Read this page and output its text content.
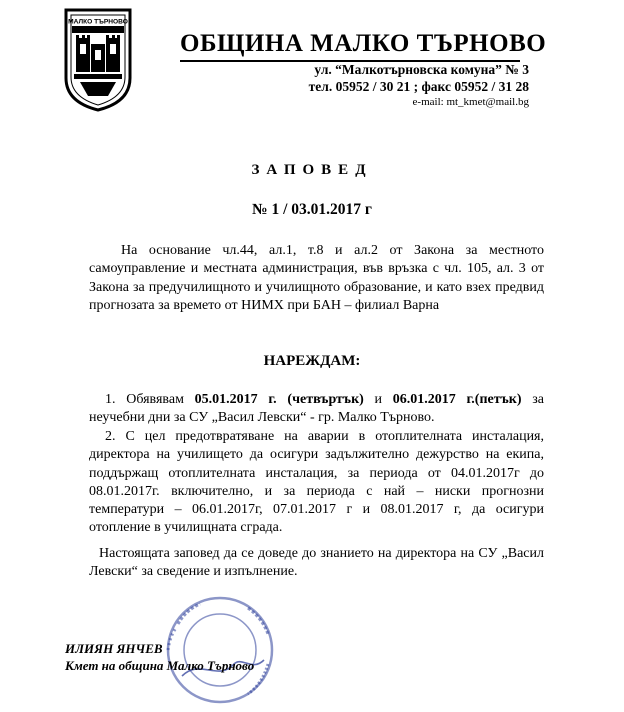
МАЛКО ТЪРНОВО
ОБЩИНА МАЛКО ТЪРНОВО
ул. “Малкотърновска комуна” № 3
тел. 05952 / 30 21 ; факс 05952 / 31 28
e-mail: mt_kmet@mail.bg
ЗАПОВЕД
№ 1 / 03.01.2017 г
На основание чл.44, ал.1, т.8 и ал.2 от Закона за местното самоуправление и местната администрация, във връзка с чл. 105, ал. 3 от Закона за предучилищното и училищното образование, и като взех предвид прогнозата за времето от НИМХ при БАН – филиал Варна
НАРЕЖДАМ:
1. Обявявам 05.01.2017 г. (четвъртък) и 06.01.2017 г.(петък) за неучебни дни за СУ „Васил Левски“ - гр. Малко Търново.
2. С цел предотвратяване на аварии в отоплителната инсталация, директора на училището да осигури задължително дежурство на екипа, поддържащ отоплителната инсталация, за периода от 04.01.2017г до 08.01.2017г. включително, и за периода с най – ниски прогнозни температури – 06.01.2017г, 07.01.2017 г и 08.01.2017 г, да осигури отопление в училищната сграда.
Настоящата заповед да се доведе до знанието на директора на СУ „Васил Левски“ за сведение и изпълнение.
ИЛИЯН ЯНЧЕВ
Кмет на община Малко Търново
